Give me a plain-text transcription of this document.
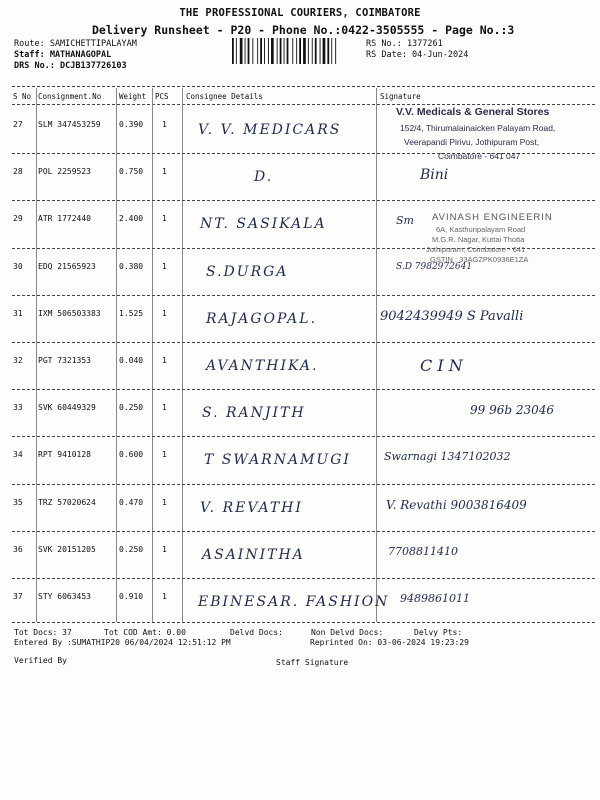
THE PROFESSIONAL COURIERS, COIMBATORE
Delivery Runsheet - P20 - Phone No.:0422-3505555 - Page No.:3
Route: SAMICHETTIPALAYAM
Staff: MATHANAGOPAL
DRS No.: DCJB137726103
RS No.: 1377261
RS Date: 04-Jun-2024
S No Consignment.No Weight PCS Consignee Details	Signature
27 SLM 347453259 0.390 1 V. V. MEDICARS
28 POL 2259523	0.750 1	D.	Bini
29 ATR 1772440	2.400 1 NT. SASIKALA	Sm
30 EDQ 21565923	0.380 1	S.DURGA	S.D 7982972641
31 IXM 506503383 1.525 1	RAJAGOPAL.	9042439949 S Pavalli
32 PGT 7321353	0.040 1	AVANTHIKA.	C I N
33 SVK 60449329	0.250 1	S. RANJITH	99 96b 23046
34 RPT 9410128	0.600 1	T SWARNAMUGI	Swarnagi 1347102032
35 TRZ 57020624	0.470 1 V. REVATHI	V. Revathi 9003816409
36 SVK 20151205	0.250 1	ASAINITHA	7708811410
37 STY 6063453	0.910 1 EBINESAR. FASHION 9489861011
V.V. Medicals & General Stores
152/4, Thirumalainaicken Palayam Road,
Veerapandi Pirivu, Jothipuram Post,
Coimbatore - 641 047
AVINASH ENGINEERIN
6A, Kasthuripalayam Road
M.G.R. Nagar, Kuttai Thotta
Jothipuram, Coimbatore - 641
GSTIN : 33AGZPK0936E1ZA
Tot Docs: 37	Tot COD Amt: 0.00	Delvd Docs:	Non Delvd Docs:	Delvy Pts:
Entered By :SUMATHIP20 06/04/2024 12:51:12 PM	Reprinted On: 03-06-2024 19:23:29
Verified By	Staff Signature
